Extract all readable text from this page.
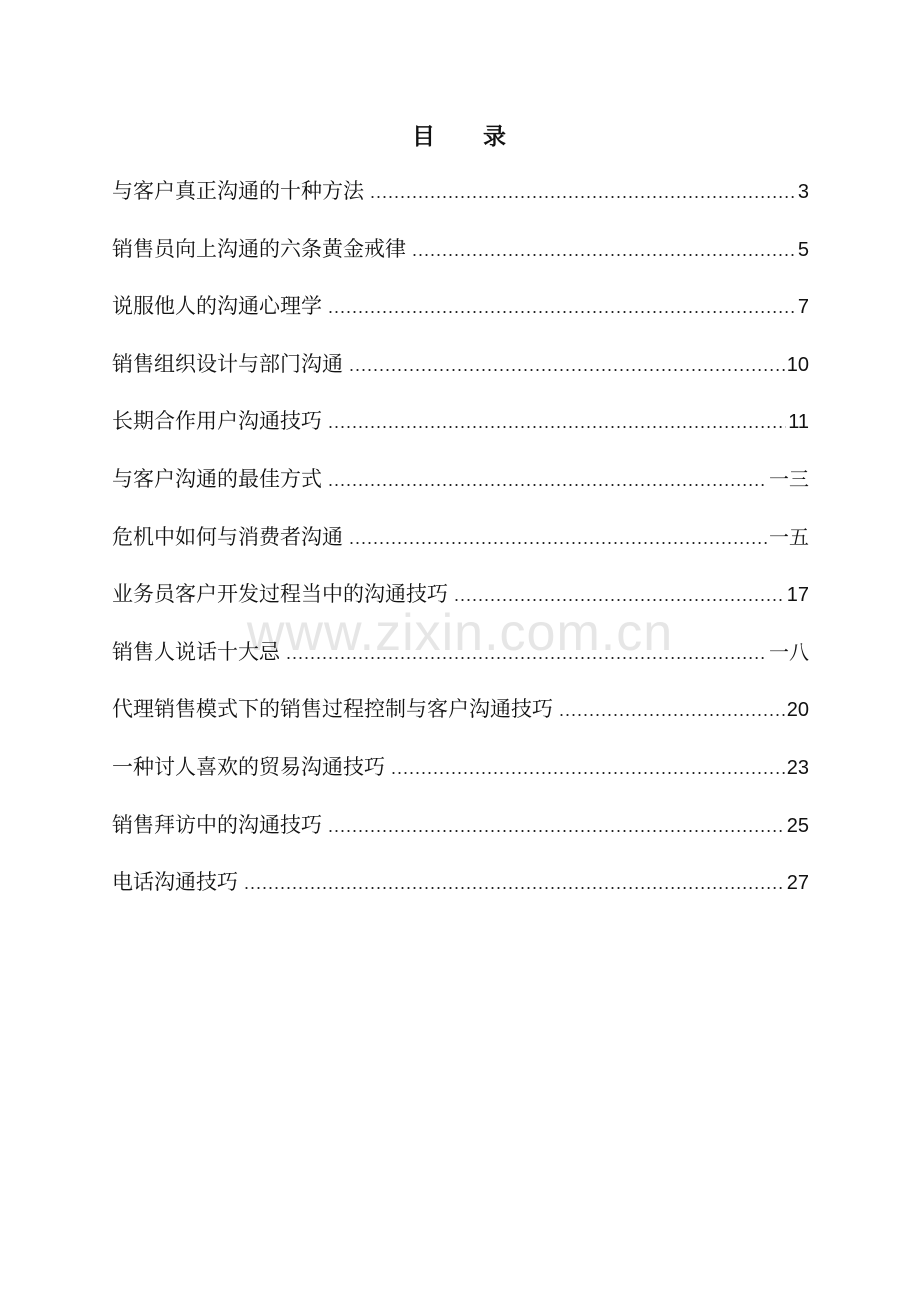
目 录
www.zixin.com.cn
与客户真正沟通的十种方法 .....	3
销售员向上沟通的六条黄金戒律 .....	5
说服他人的沟通心理学 .....	7
销售组织设计与部门沟通 .....	10
长期合作用户沟通技巧 .....	11
与客户沟通的最佳方式 .....	一三
危机中如何与消费者沟通 .....	一五
业务员客户开发过程当中的沟通技巧 .....	17
销售人说话十大忌 .....	一八
代理销售模式下的销售过程控制与客户沟通技巧 .....	20
一种讨人喜欢的贸易沟通技巧 .....	23
销售拜访中的沟通技巧 .....	25
电话沟通技巧 .....	27
